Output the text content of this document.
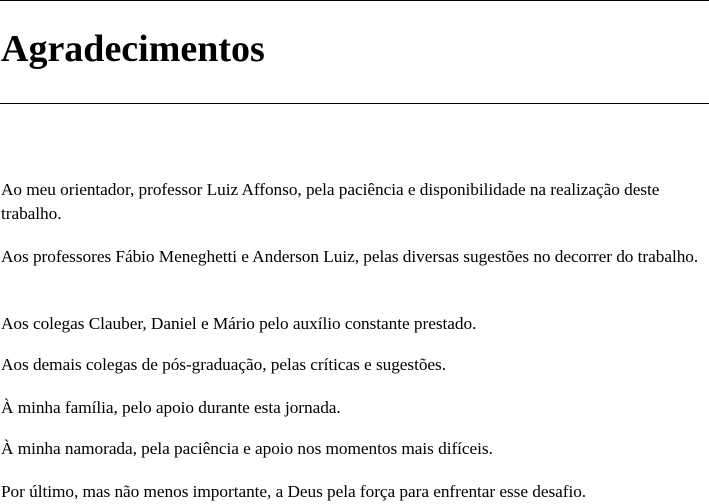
Agradecimentos

Ao meu orientador, professor Luiz Affonso, pela paciência e disponibilidade na realização deste trabalho.

Aos professores Fábio Meneghetti e Anderson Luiz, pelas diversas sugestões no decorrer do trabalho.

Aos colegas Clauber, Daniel e Mário pelo auxílio constante prestado.

Aos demais colegas de pós-graduação, pelas críticas e sugestões.

À minha família, pelo apoio durante esta jornada.

À minha namorada, pela paciência e apoio nos momentos mais difíceis.

Por último, mas não menos importante, a Deus pela força para enfrentar esse desafio.
